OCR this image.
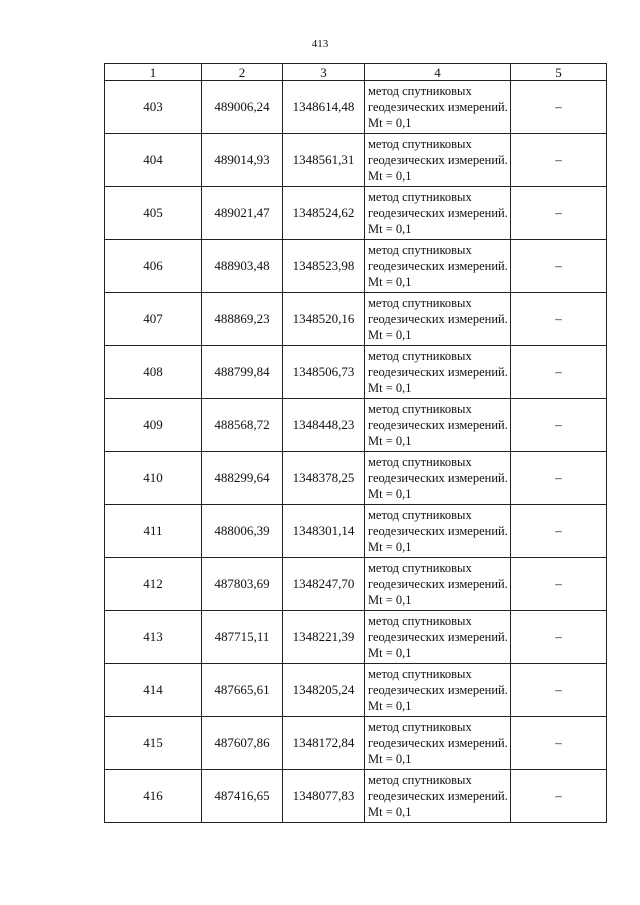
413
1	2	3	4	5
403	489006,24	1348614,48	метод спутниковых геодезических измерений. Mt = 0,1	–
404	489014,93	1348561,31	метод спутниковых геодезических измерений. Mt = 0,1	–
405	489021,47	1348524,62	метод спутниковых геодезических измерений. Mt = 0,1	–
406	488903,48	1348523,98	метод спутниковых геодезических измерений. Mt = 0,1	–
407	488869,23	1348520,16	метод спутниковых геодезических измерений. Mt = 0,1	–
408	488799,84	1348506,73	метод спутниковых геодезических измерений. Mt = 0,1	–
409	488568,72	1348448,23	метод спутниковых геодезических измерений. Mt = 0,1	–
410	488299,64	1348378,25	метод спутниковых геодезических измерений. Mt = 0,1	–
411	488006,39	1348301,14	метод спутниковых геодезических измерений. Mt = 0,1	–
412	487803,69	1348247,70	метод спутниковых геодезических измерений. Mt = 0,1	–
413	487715,11	1348221,39	метод спутниковых геодезических измерений. Mt = 0,1	–
414	487665,61	1348205,24	метод спутниковых геодезических измерений. Mt = 0,1	–
415	487607,86	1348172,84	метод спутниковых геодезических измерений. Mt = 0,1	–
416	487416,65	1348077,83	метод спутниковых геодезических измерений. Mt = 0,1	–
